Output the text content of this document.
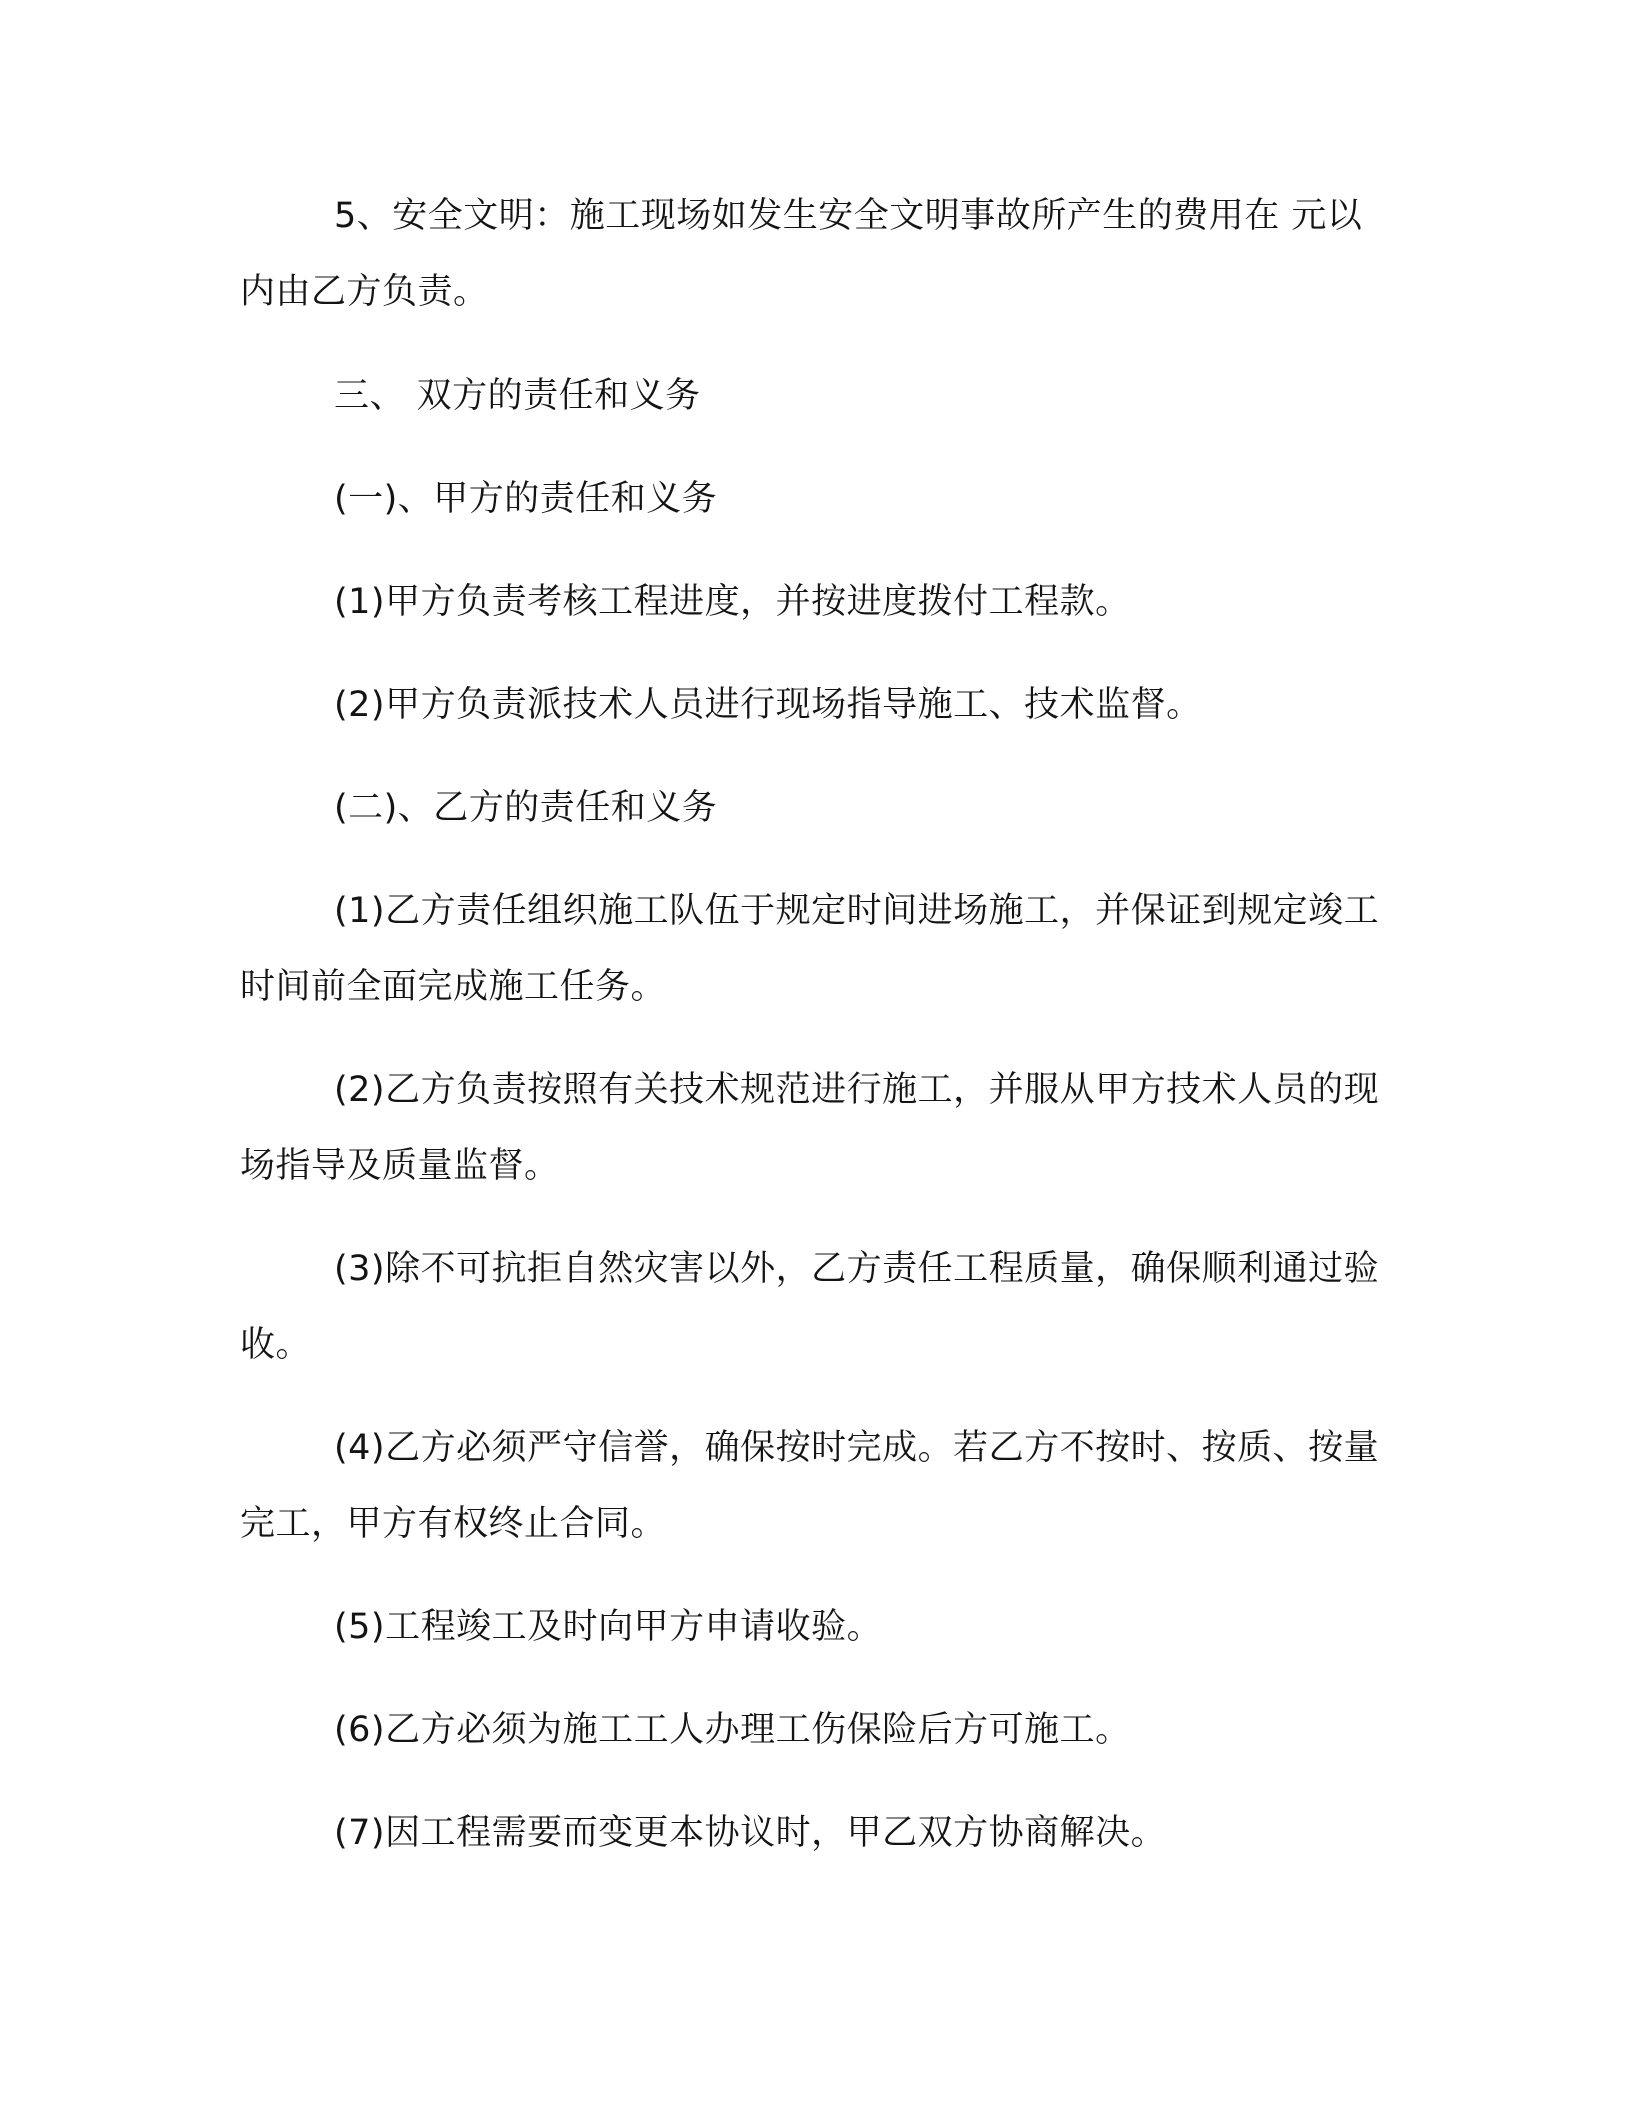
5、安全文明：施工现场如发生安全文明事故所产生的费用在 元以内由乙方负责。

三、 双方的责任和义务

(一)、甲方的责任和义务

(1)甲方负责考核工程进度，并按进度拨付工程款。

(2)甲方负责派技术人员进行现场指导施工、技术监督。

(二)、乙方的责任和义务

(1)乙方责任组织施工队伍于规定时间进场施工，并保证到规定竣工时间前全面完成施工任务。

(2)乙方负责按照有关技术规范进行施工，并服从甲方技术人员的现场指导及质量监督。

(3)除不可抗拒自然灾害以外，乙方责任工程质量，确保顺利通过验收。

(4)乙方必须严守信誉，确保按时完成。若乙方不按时、按质、按量完工，甲方有权终止合同。

(5)工程竣工及时向甲方申请收验。

(6)乙方必须为施工工人办理工伤保险后方可施工。

(7)因工程需要而变更本协议时，甲乙双方协商解决。
